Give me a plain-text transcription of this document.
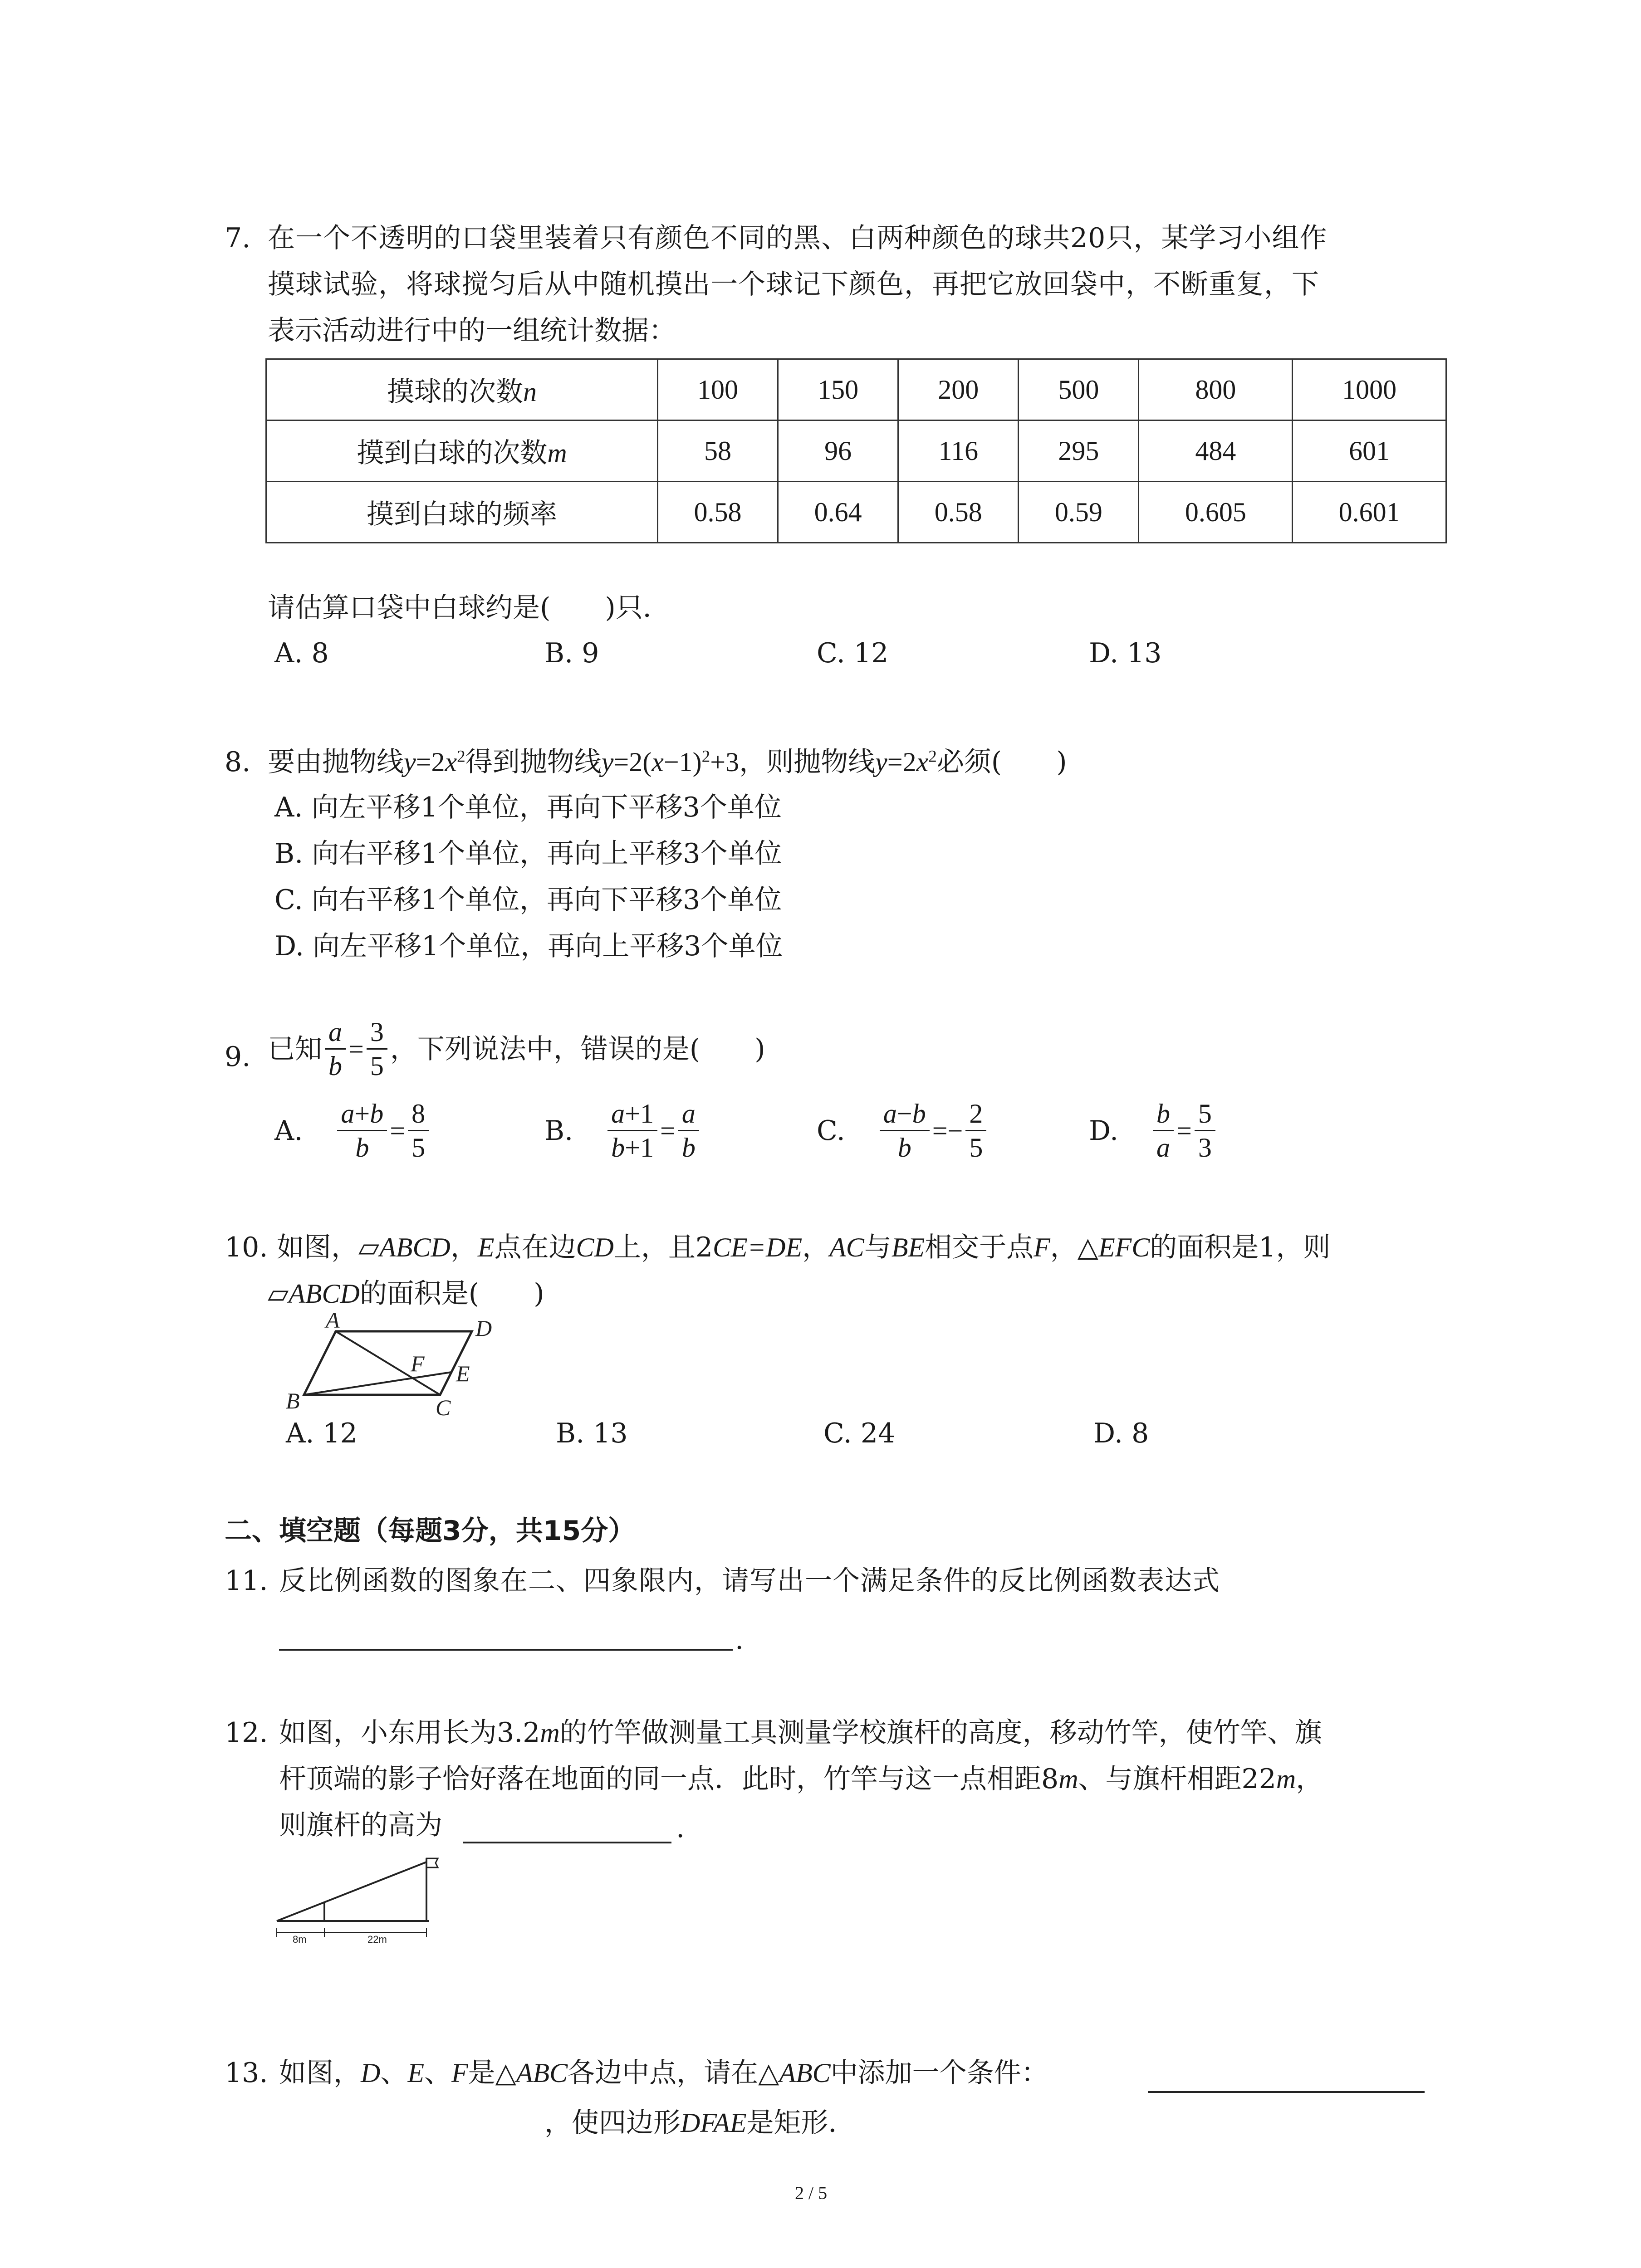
7. 在一个不透明的口袋里装着只有颜色不同的黑、白两种颜色的球共20只，某学习小组作
摸球试验，将球搅匀后从中随机摸出一个球记下颜色，再把它放回袋中，不断重复，下
表示活动进行中的一组统计数据：
摸球的次数n	100	150	200	500	800	1000
摸到白球的次数m	58	96	116	295	484	601
摸到白球的频率	0.58	0.64	0.58	0.59	0.605	0.601
请估算口袋中白球约是(　　)只．
A. 8	B. 9	C. 12	D. 13
8. 要由抛物线$y=2x^2$得到抛物线$y=2(x-1)^2+3$，则抛物线$y=2x^2$必须(　　)
A. 向左平移1个单位，再向下平移3个单位
B. 向右平移1个单位，再向上平移3个单位
C. 向右平移1个单位，再向下平移3个单位
D. 向左平移1个单位，再向上平移3个单位
9. 已知 $\frac{a}{b} = \frac{3}{5}$ ，下列说法中，错误的是(　　)
A. $\frac{a+b}{b} = \frac{8}{5}$	B. $\frac{a+1}{b+1} = \frac{a}{b}$	C. $\frac{a-b}{b} =- \frac{2}{5}$	D. $\frac{b}{a} = \frac{5}{3}$
10. 如图，▱ABCD，E点在边CD上，且2CE=DE，AC与BE相交于点F，△EFC的面积是1，则
▱ABCD的面积是(　　)
A	D
B	C
E
F
A. 12	B. 13	C. 24	D. 8
二、填空题（每题3分，共15分）
11. 反比例函数的图象在二、四象限内，请写出一个满足条件的反比例函数表达式
.
12. 如图，小东用长为3.2m的竹竿做测量工具测量学校旗杆的高度，移动竹竿，使竹竿、旗
杆顶端的影子恰好落在地面的同一点．此时，竹竿与这一点相距8m、与旗杆相距22m，
则旗杆的高为	.
8m	22m
13. 如图，D、E、F是△ABC各边中点，请在△ABC中添加一个条件：
，使四边形DFAE是矩形．
2 / 5
